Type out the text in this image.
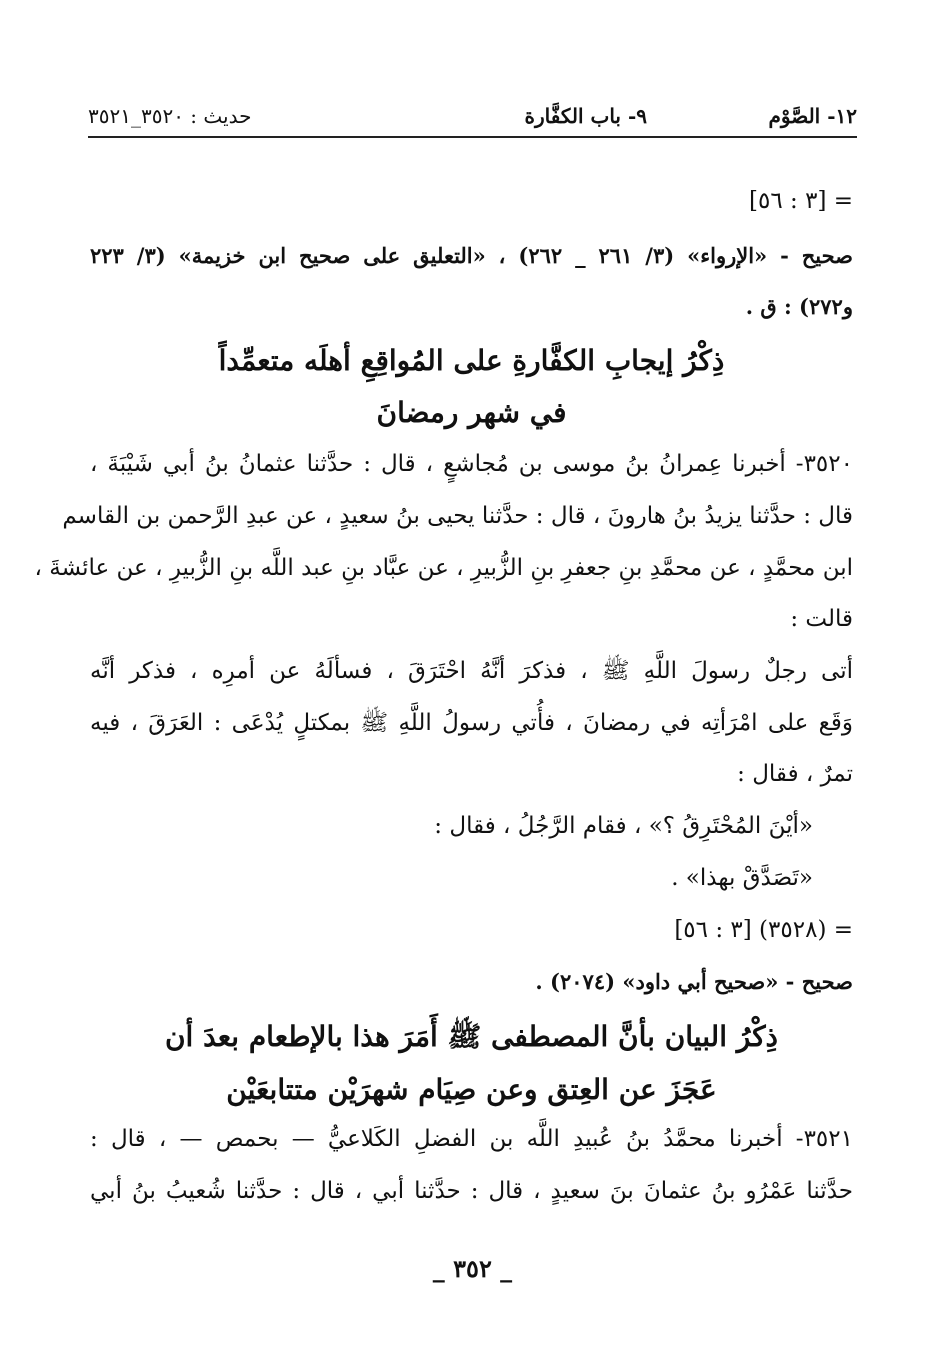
١٢- الصَّوْم
٩- باب الكفَّارة
حديث : ٣٥٢٠_٣٥٢١
= [٣ : ٥٦]
صحيح - «الإرواء» (٣/ ٢٦١ _ ٢٦٢) ، «التعليق على صحيح ابن خزيمة» (٣/ ٢٢٣
و٢٧٢) : ق .
ذِكْرُ إيجابِ الكفَّارةِ على المُواقِعِ أهلَه متعمِّداً
في شهر رمضانَ
٣٥٢٠- أخبرنا عِمرانُ بنُ موسى بن مُجاشعٍ ، قال : حدَّثنا عثمانُ بنُ أبي شَيْبَةَ ،
قال : حدَّثنا يزيدُ بنُ هارونَ ، قال : حدَّثنا يحيى بنُ سعيدٍ ، عن عبدِ الرَّحمن بن القاسم
ابن محمَّدٍ ، عن محمَّدِ بنِ جعفرِ بنِ الزُّبيرِ ، عن عبَّاد بنِ عبد اللَّه بنِ الزُّبيرِ ، عن عائشةَ ،
قالت :
أتى رجلٌ رسولَ اللَّهِ ﷺ ، فذكرَ أنَّهُ احْتَرَقَ ، فسألَهُ عن أمرِه ، فذكر أنَّه
وَقَع على امْرَأتِه في رمضانَ ، فأُتي رسولُ اللَّهِ ﷺ بمكتلٍ يُدْعَى : العَرَقَ ، فيه
تمرٌ ، فقال :
«أيْنَ المُحْتَرِقُ ؟» ، فقام الرَّجُلُ ، فقال :
«تَصَدَّقْ بهذا» .
= (٣٥٢٨) [٣ : ٥٦]
صحيح - «صحيح أبي داود» (٢٠٧٤) .
ذِكْرُ البيان بأنَّ المصطفى ﷺ أَمَرَ هذا بالإطعام بعدَ أن
عَجَزَ عن العِتق وعن صِيَام شهرَيْن متتابعَيْن
٣٥٢١- أخبرنا محمَّدُ بنُ عُبيدِ اللَّه بن الفضلِ الكَلاعيُّ — بحمص — ، قال :
حدَّثنا عَمْرُو بنُ عثمانَ بنَ سعيدٍ ، قال : حدَّثنا أبي ، قال : حدَّثنا شُعيبُ بنُ أبي
_ ٣٥٢ _
